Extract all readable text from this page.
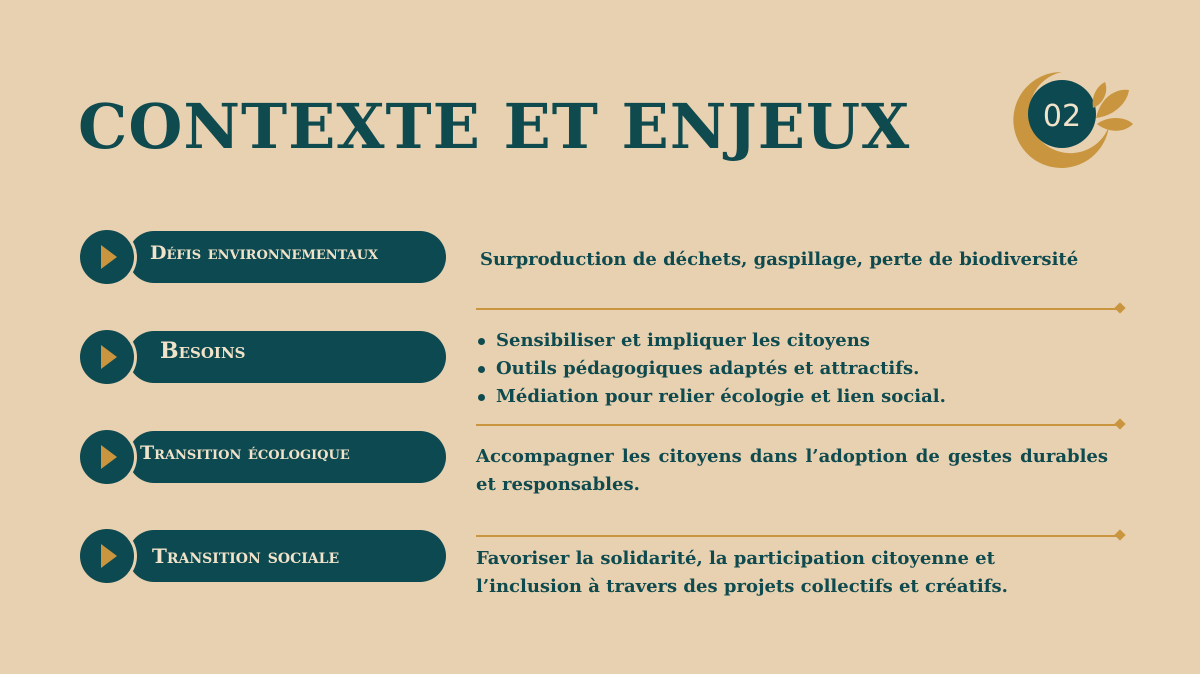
CONTEXTE ET ENJEUX	02
Défis environnementaux	Surproduction de déchets, gaspillage, perte de biodiversité
Besoins	Sensibiliser et impliquer les citoyens
Outils pédagogiques adaptés et attractifs.
Médiation pour relier écologie et lien social.
Transition écologique	Accompagner les citoyens dans l’adoption de gestes durables et responsables.
Transition sociale	Favoriser la solidarité, la participation citoyenne et l’inclusion à travers des projets collectifs et créatifs.
